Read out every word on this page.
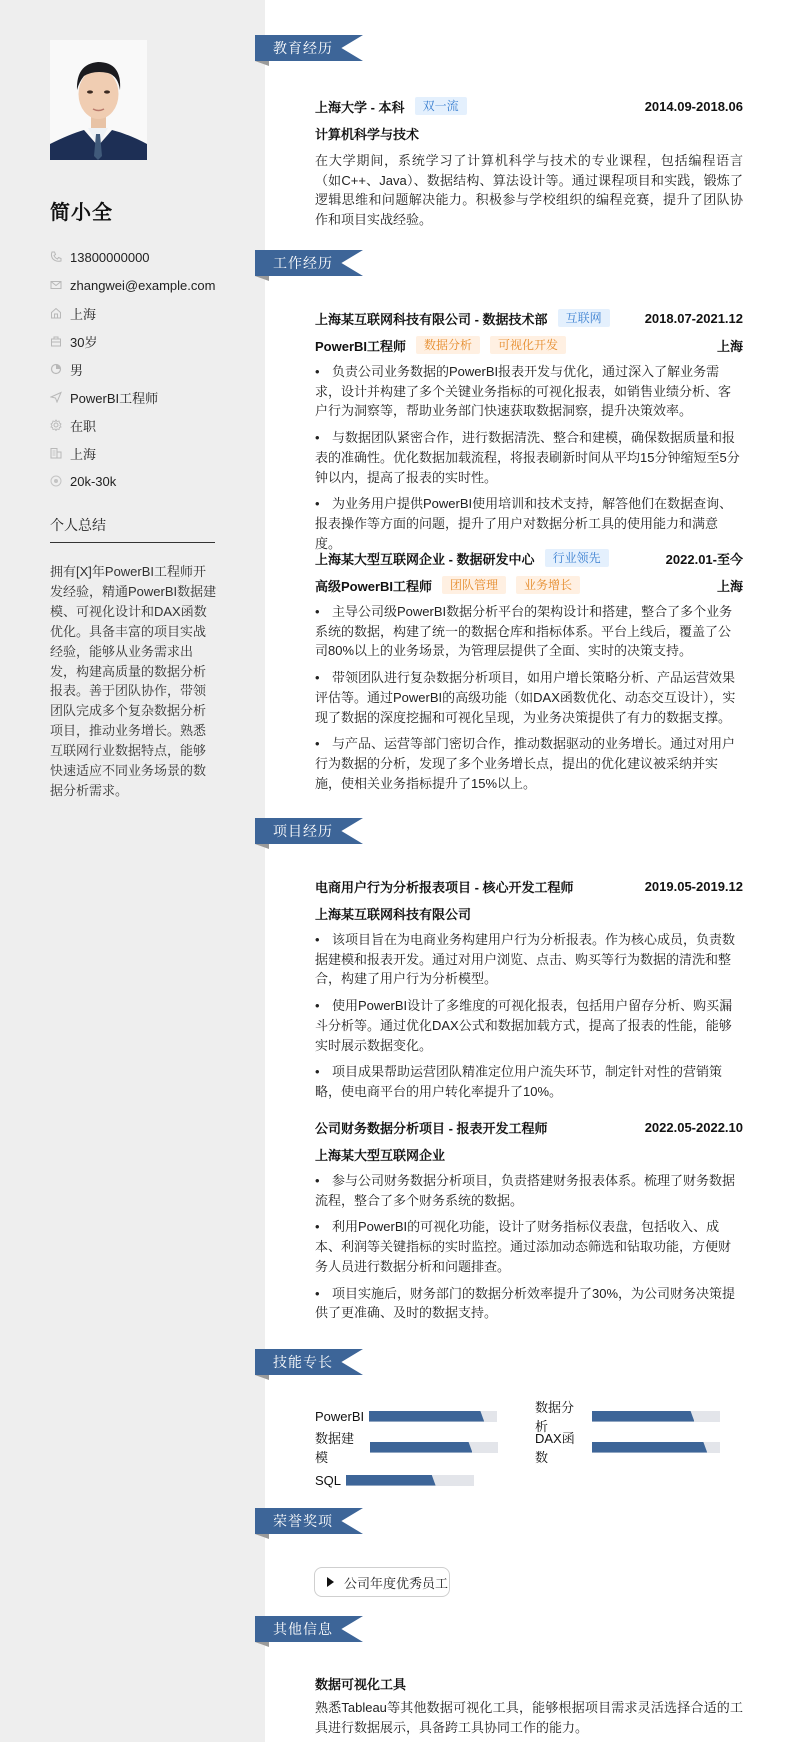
简小全
13800000000
zhangwei@example.com
上海
30岁
男
PowerBI工程师
在职
上海
20k-30k
个人总结
拥有[X]年PowerBI工程师开发经验，精通PowerBI数据建模、可视化设计和DAX函数优化。具备丰富的项目实战经验，能够从业务需求出发，构建高质量的数据分析报表。善于团队协作，带领团队完成多个复杂数据分析项目，推动业务增长。熟悉互联网行业数据特点，能够快速适应不同业务场景的数据分析需求。
教育经历
上海大学 - 本科	双一流	2014.09-2018.06
计算机科学与技术
在大学期间，系统学习了计算机科学与技术的专业课程，包括编程语言（如C++、Java）、数据结构、算法设计等。通过课程项目和实践，锻炼了逻辑思维和问题解决能力。积极参与学校组织的编程竞赛，提升了团队协作和项目实战经验。
工作经历
上海某互联网科技有限公司 - 数据技术部	互联网	2018.07-2021.12
PowerBI工程师	数据分析	可视化开发	上海
• 负责公司业务数据的PowerBI报表开发与优化，通过深入了解业务需求，设计并构建了多个关键业务指标的可视化报表，如销售业绩分析、客户行为洞察等，帮助业务部门快速获取数据洞察，提升决策效率。
• 与数据团队紧密合作，进行数据清洗、整合和建模，确保数据质量和报表的准确性。优化数据加载流程，将报表刷新时间从平均15分钟缩短至5分钟以内，提高了报表的实时性。
• 为业务用户提供PowerBI使用培训和技术支持，解答他们在数据查询、报表操作等方面的问题，提升了用户对数据分析工具的使用能力和满意度。
上海某大型互联网企业 - 数据研发中心	行业领先	2022.01-至今
高级PowerBI工程师	团队管理	业务增长	上海
• 主导公司级PowerBI数据分析平台的架构设计和搭建，整合了多个业务系统的数据，构建了统一的数据仓库和指标体系。平台上线后，覆盖了公司80%以上的业务场景，为管理层提供了全面、实时的决策支持。
• 带领团队进行复杂数据分析项目，如用户增长策略分析、产品运营效果评估等。通过PowerBI的高级功能（如DAX函数优化、动态交互设计），实现了数据的深度挖掘和可视化呈现，为业务决策提供了有力的数据支撑。
• 与产品、运营等部门密切合作，推动数据驱动的业务增长。通过对用户行为数据的分析，发现了多个业务增长点，提出的优化建议被采纳并实施，使相关业务指标提升了15%以上。
项目经历
电商用户行为分析报表项目 - 核心开发工程师	2019.05-2019.12
上海某互联网科技有限公司
• 该项目旨在为电商业务构建用户行为分析报表。作为核心成员，负责数据建模和报表开发。通过对用户浏览、点击、购买等行为数据的清洗和整合，构建了用户行为分析模型。
• 使用PowerBI设计了多维度的可视化报表，包括用户留存分析、购买漏斗分析等。通过优化DAX公式和数据加载方式，提高了报表的性能，能够实时展示数据变化。
• 项目成果帮助运营团队精准定位用户流失环节，制定针对性的营销策略，使电商平台的用户转化率提升了10%。
公司财务数据分析项目 - 报表开发工程师	2022.05-2022.10
上海某大型互联网企业
• 参与公司财务数据分析项目，负责搭建财务报表体系。梳理了财务数据流程，整合了多个财务系统的数据。
• 利用PowerBI的可视化功能，设计了财务指标仪表盘，包括收入、成本、利润等关键指标的实时监控。通过添加动态筛选和钻取功能，方便财务人员进行数据分析和问题排查。
• 项目实施后，财务部门的数据分析效率提升了30%，为公司财务决策提供了更准确、及时的数据支持。
技能专长
PowerBI
数据分析
数据建模
DAX函数
SQL
荣誉奖项
公司年度优秀员工
其他信息
数据可视化工具
熟悉Tableau等其他数据可视化工具，能够根据项目需求灵活选择合适的工具进行数据展示，具备跨工具协同工作的能力。
